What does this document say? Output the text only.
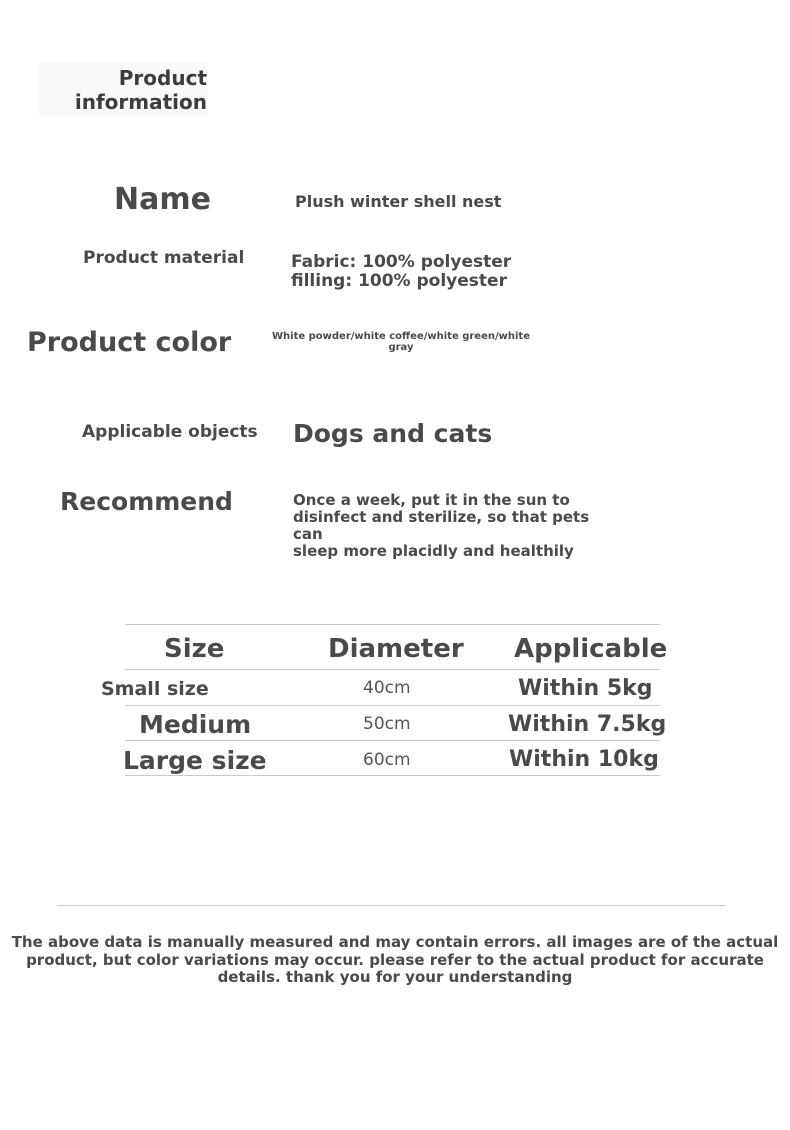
Product
information
Name	Plush winter shell nest
Product material	Fabric: 100% polyester
filling: 100% polyester
Product color	White powder/white coffee/white green/white
gray
Applicable objects Dogs and cats
Recommend	Once a week, put it in the sun to
disinfect and sterilize, so that pets can
sleep more placidly and healthily
Size	Diameter Applicable
Small size	40cm	Within 5kg
Medium	50cm	Within 7.5kg
Large size	60cm	Within 10kg
The above data is manually measured and may contain errors. all images are of the actual
product, but color variations may occur. please refer to the actual product for accurate
details. thank you for your understanding
